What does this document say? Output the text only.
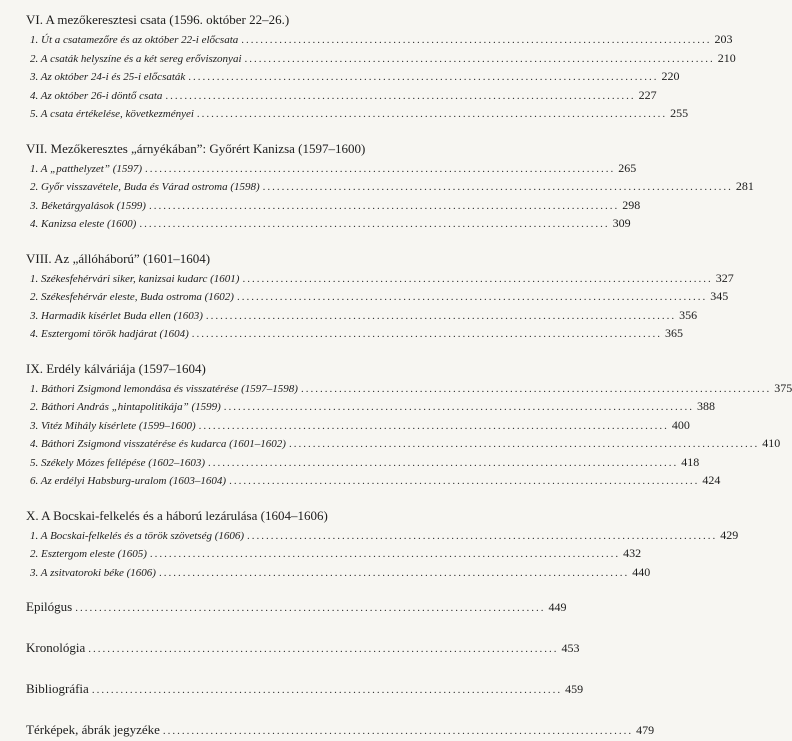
VI. A mezőkeresztesi csata (1596. október 22–26.)
1. Út a csatamezőre és az október 22-i előcsata ................................................................................................... 203
2. A csaták helyszíne és a két sereg erőviszonyai ................................................................................................... 210
3. Az október 24-i és 25-i előcsaták ................................................................................................... 220
4. Az október 26-i döntő csata ................................................................................................... 227
5. A csata értékelése, következményei ................................................................................................... 255
VII. Mezőkeresztes „árnyékában”: Győrért Kanizsa (1597–1600)
1. A „patthelyzet” (1597) ................................................................................................... 265
2. Győr visszavétele, Buda és Várad ostroma (1598) ................................................................................................... 281
3. Béketárgyalások (1599) ................................................................................................... 298
4. Kanizsa eleste (1600) ................................................................................................... 309
VIII. Az „állóháború” (1601–1604)
1. Székesfehérvári siker, kanizsai kudarc (1601) ................................................................................................... 327
2. Székesfehérvár eleste, Buda ostroma (1602) ................................................................................................... 345
3. Harmadik kísérlet Buda ellen (1603) ................................................................................................... 356
4. Esztergomi török hadjárat (1604) ................................................................................................... 365
IX. Erdély kálváriája (1597–1604)
1. Báthori Zsigmond lemondása és visszatérése (1597–1598) ................................................................................................... 375
2. Báthori András „hintapolitikája” (1599) ................................................................................................... 388
3. Vitéz Mihály kísérlete (1599–1600) ................................................................................................... 400
4. Báthori Zsigmond visszatérése és kudarca (1601–1602) ................................................................................................... 410
5. Székely Mózes fellépése (1602–1603) ................................................................................................... 418
6. Az erdélyi Habsburg-uralom (1603–1604) ................................................................................................... 424
X. A Bocskai-felkelés és a háború lezárulása (1604–1606)
1. A Bocskai-felkelés és a török szövetség (1606) ................................................................................................... 429
2. Esztergom eleste (1605) ................................................................................................... 432
3. A zsitvatoroki béke (1606) ................................................................................................... 440
Epilógus ................................................................................................... 449
Kronológia ................................................................................................... 453
Bibliográfia ................................................................................................... 459
Térképek, ábrák jegyzéke ................................................................................................... 479
